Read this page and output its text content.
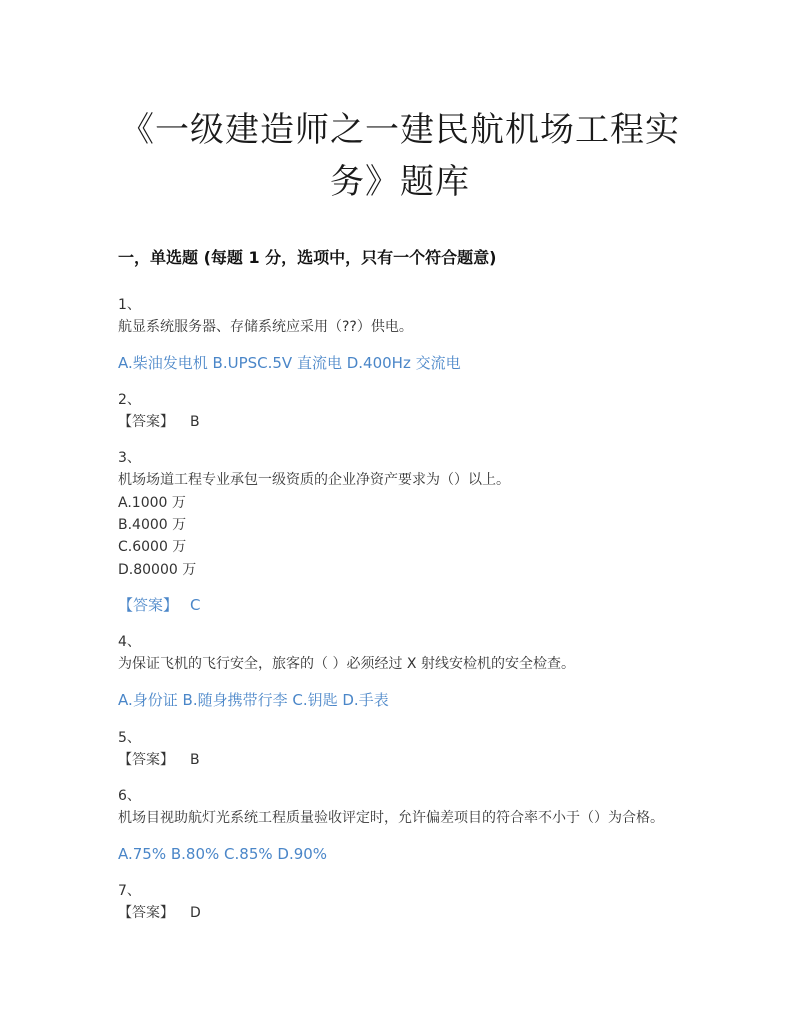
《一级建造师之一建民航机场工程实
务》题库
一，单选题 (每题 1 分，选项中，只有一个符合题意)
1、
航显系统服务器、存储系统应采用（??）供电。
A.柴油发电机 B.UPSC.5V 直流电 D.400Hz 交流电
2、
【答案】 B
3、
机场场道工程专业承包一级资质的企业净资产要求为（）以上。
A.1000 万
B.4000 万
C.6000 万
D.80000 万
【答案】 C
4、
为保证飞机的飞行安全，旅客的（ ）必须经过 X 射线安检机的安全检查。
A.身份证 B.随身携带行李 C.钥匙 D.手表
5、
【答案】 B
6、
机场目视助航灯光系统工程质量验收评定时，允许偏差项目的符合率不小于（）为合格。
A.75% B.80% C.85% D.90%
7、
【答案】 D
